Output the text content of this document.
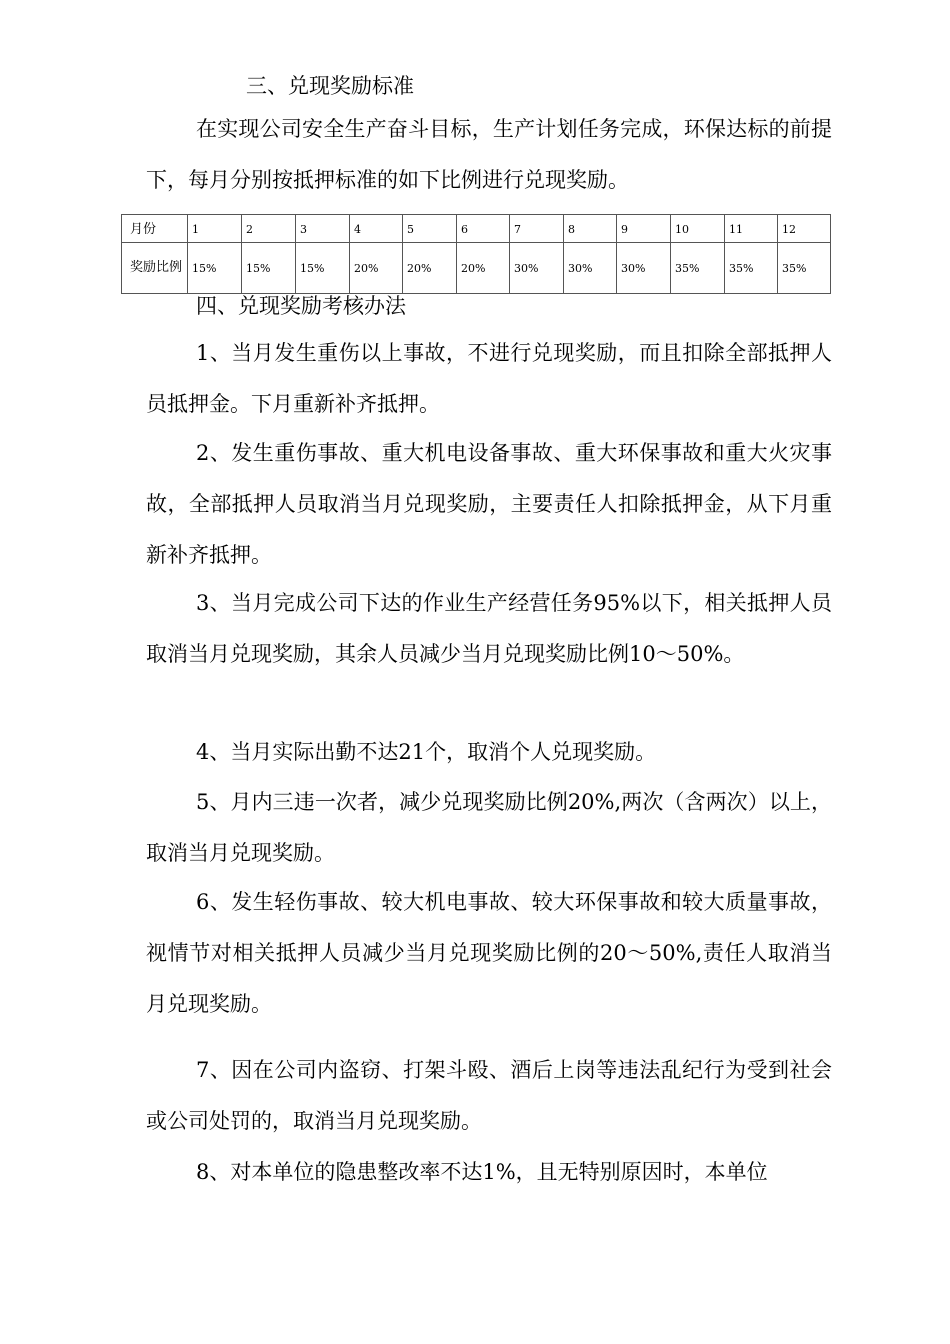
三、兑现奖励标准

在实现公司安全生产奋斗目标，生产计划任务完成，环保达标的前提下，每月分别按抵押标准的如下比例进行兑现奖励。

月份	1	2	3	4	5	6	7	8	9	10	11	12
奖励比例	15%	15%	15%	20%	20%	20%	30%	30%	30%	35%	35%	35%
四、兑现奖励考核办法

1、当月发生重伤以上事故，不进行兑现奖励，而且扣除全部抵押人员抵押金。下月重新补齐抵押。

2、发生重伤事故、重大机电设备事故、重大环保事故和重大火灾事故，全部抵押人员取消当月兑现奖励，主要责任人扣除抵押金，从下月重新补齐抵押。

3、当月完成公司下达的作业生产经营任务95%以下，相关抵押人员取消当月兑现奖励，其余人员减少当月兑现奖励比例10〜50%。

4、当月实际出勤不达21个，取消个人兑现奖励。

5、月内三违一次者，减少兑现奖励比例20%,两次（含两次）以上，取消当月兑现奖励。

6、发生轻伤事故、较大机电事故、较大环保事故和较大质量事故，视情节对相关抵押人员减少当月兑现奖励比例的20〜50%,责任人取消当月兑现奖励。

7、因在公司内盗窃、打架斗殴、酒后上岗等违法乱纪行为受到社会或公司处罚的，取消当月兑现奖励。

8、对本单位的隐患整改率不达1%，且无特别原因时，本单位
